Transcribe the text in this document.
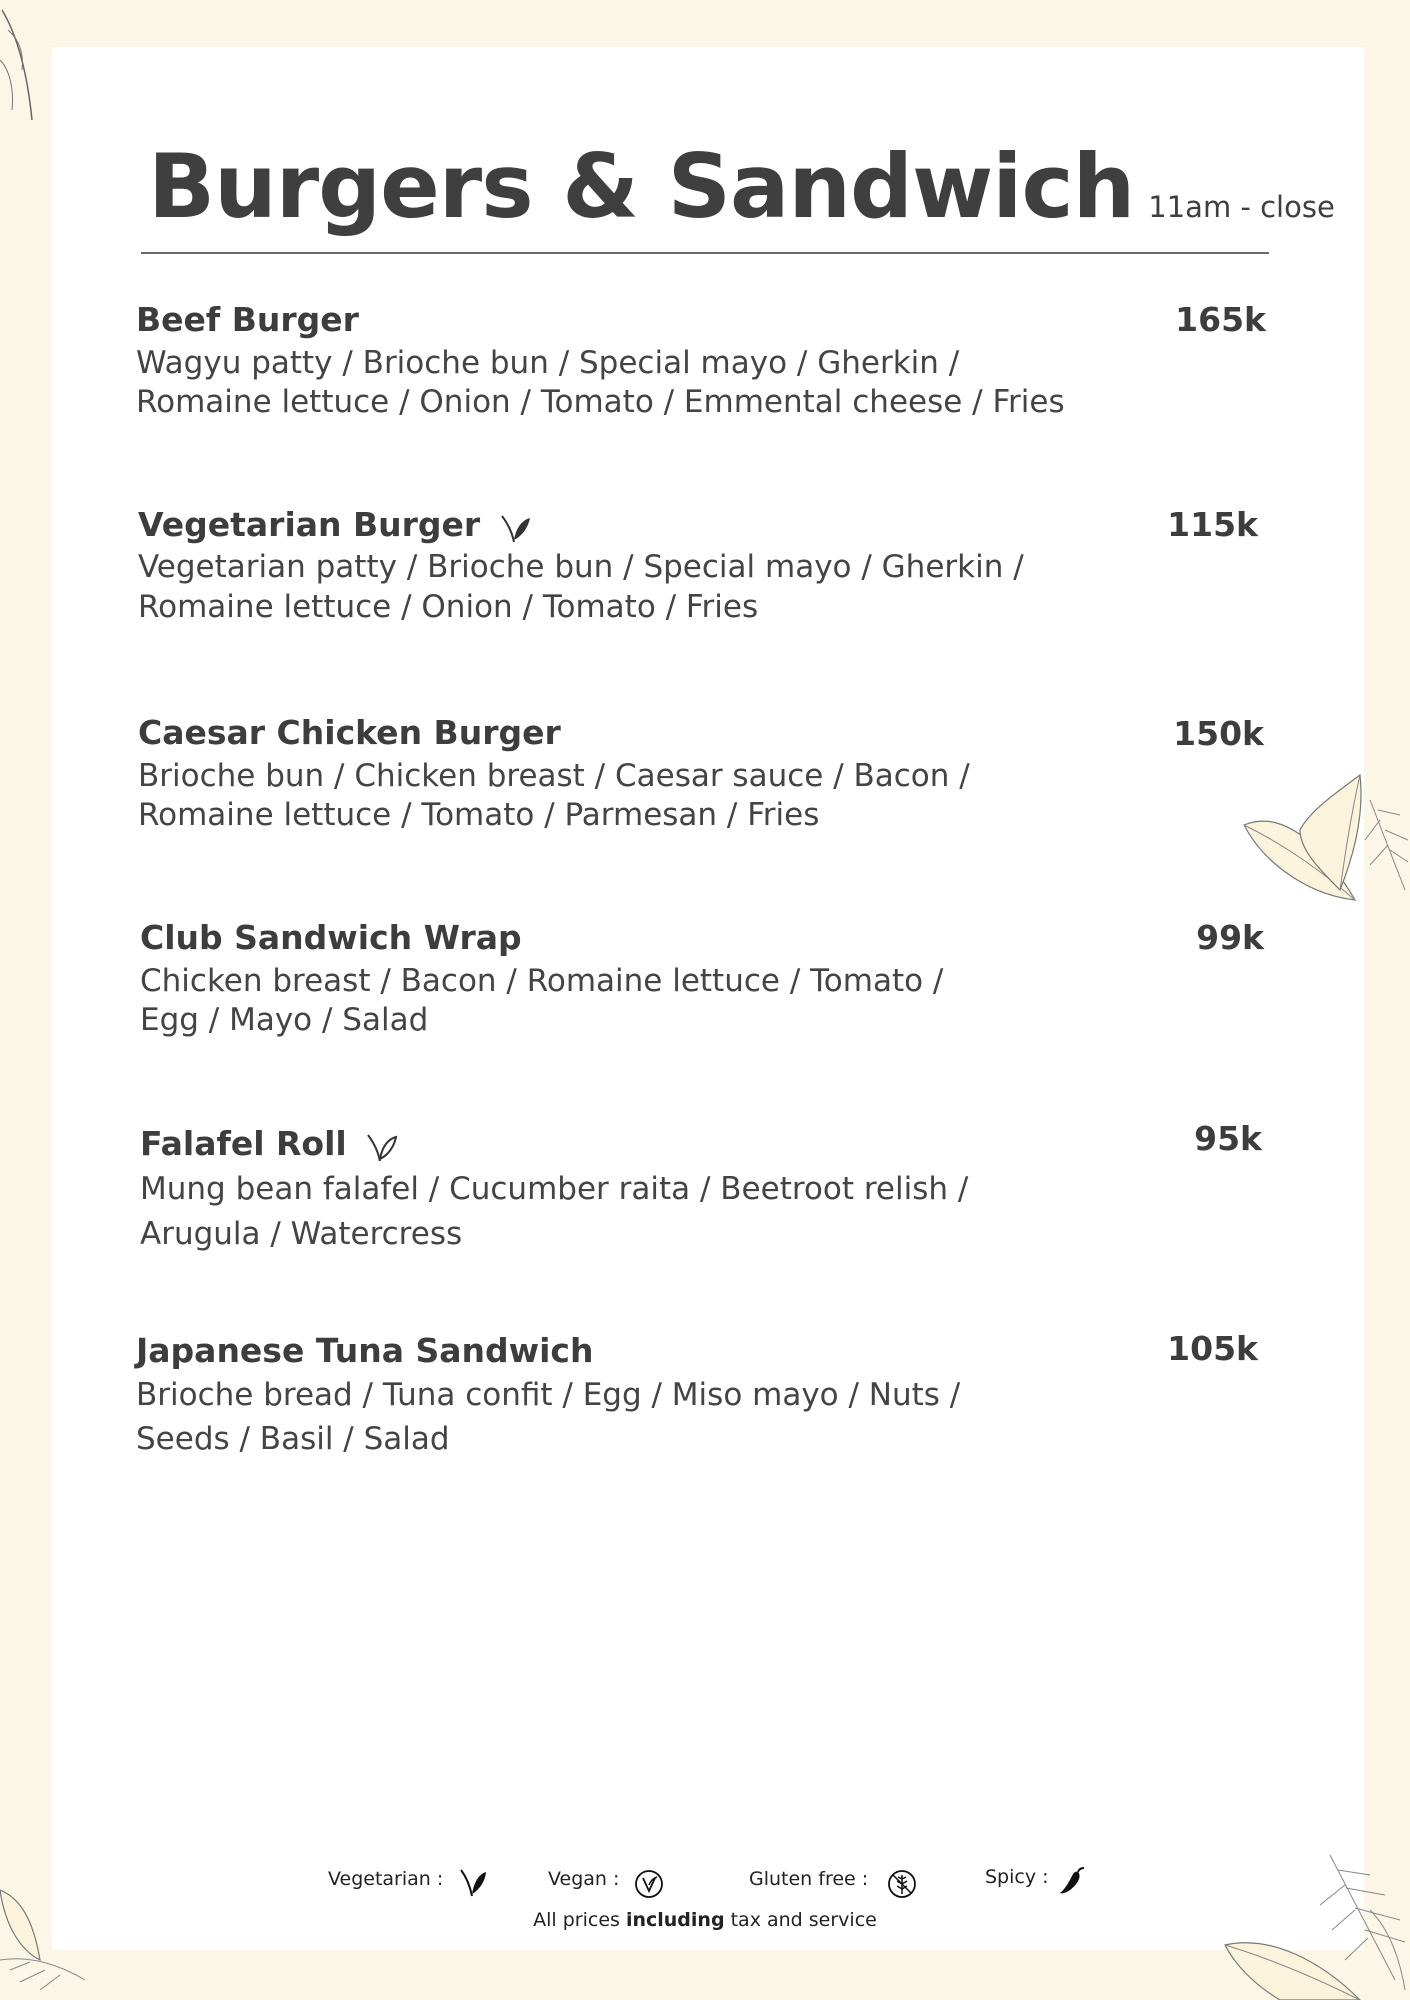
Burgers & Sandwich 11am - close
Beef Burger
Wagyu patty / Brioche bun / Special mayo / Gherkin /
Romaine lettuce / Onion / Tomato / Emmental cheese / Fries
165k
Vegetarian Burger
Vegetarian patty / Brioche bun / Special mayo / Gherkin /
Romaine lettuce / Onion / Tomato / Fries
115k
Caesar Chicken Burger
Brioche bun / Chicken breast / Caesar sauce / Bacon /
Romaine lettuce / Tomato / Parmesan / Fries
150k
Club Sandwich Wrap
Chicken breast / Bacon / Romaine lettuce / Tomato /
Egg / Mayo / Salad
99k
Falafel Roll
Mung bean falafel / Cucumber raita / Beetroot relish /
Arugula / Watercress
95k
Japanese Tuna Sandwich
Brioche bread / Tuna confit / Egg / Miso mayo / Nuts /
Seeds / Basil / Salad
105k
Vegetarian :	Vegan :	Gluten free :	Spicy :
All prices including tax and service
